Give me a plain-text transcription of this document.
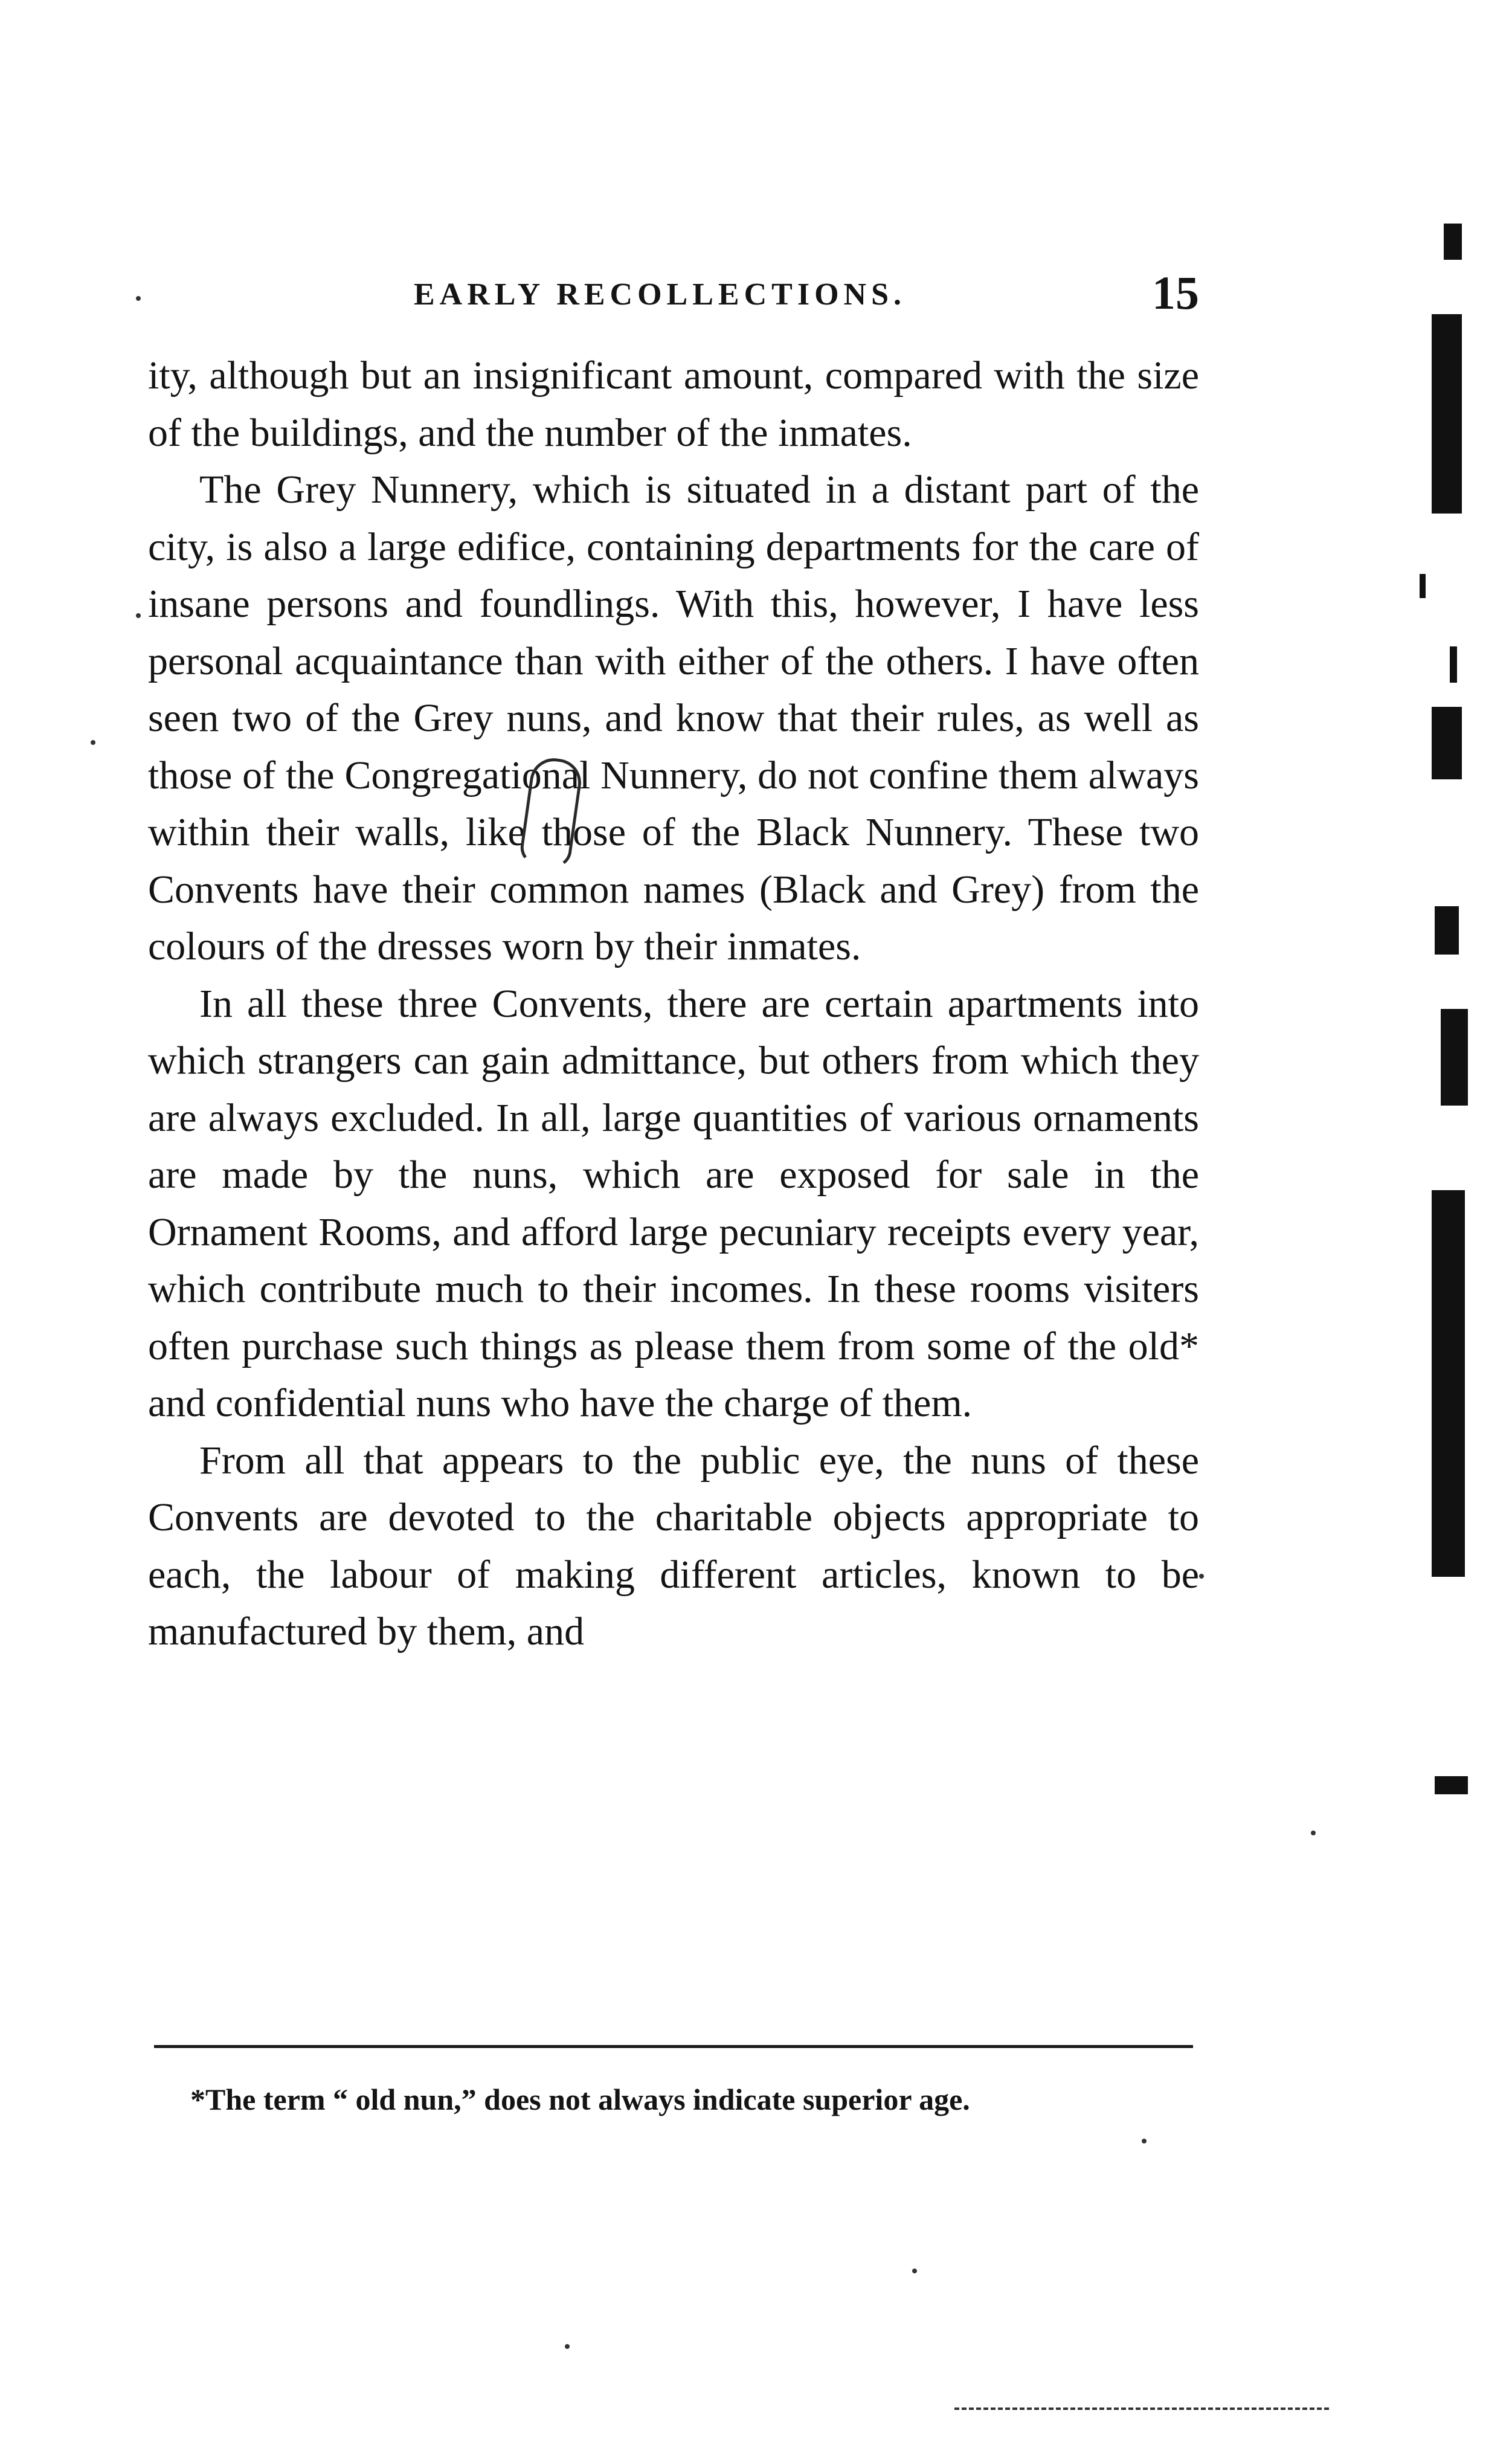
EARLY RECOLLECTIONS.	15

ity, although but an insignificant amount, compared with the size of the buildings, and the number of the inmates.

The Grey Nunnery, which is situated in a distant part of the city, is also a large edifice, containing departments for the care of insane persons and foundlings. With this, however, I have less personal acquaintance than with either of the others. I have often seen two of the Grey nuns, and know that their rules, as well as those of the Congregational Nunnery, do not confine them always within their walls, like those of the Black Nunnery. These two Convents have their common names (Black and Grey) from the colours of the dresses worn by their inmates.

In all these three Convents, there are certain apartments into which strangers can gain admittance, but others from which they are always excluded. In all, large quantities of various ornaments are made by the nuns, which are exposed for sale in the Ornament Rooms, and afford large pecuniary receipts every year, which contribute much to their incomes. In these rooms visiters often purchase such things as please them from some of the old* and confidential nuns who have the charge of them.

From all that appears to the public eye, the nuns of these Convents are devoted to the charitable objects appropriate to each, the labour of making different articles, known to be manufactured by them, and

*The term “ old nun,” does not always indicate superior age.
